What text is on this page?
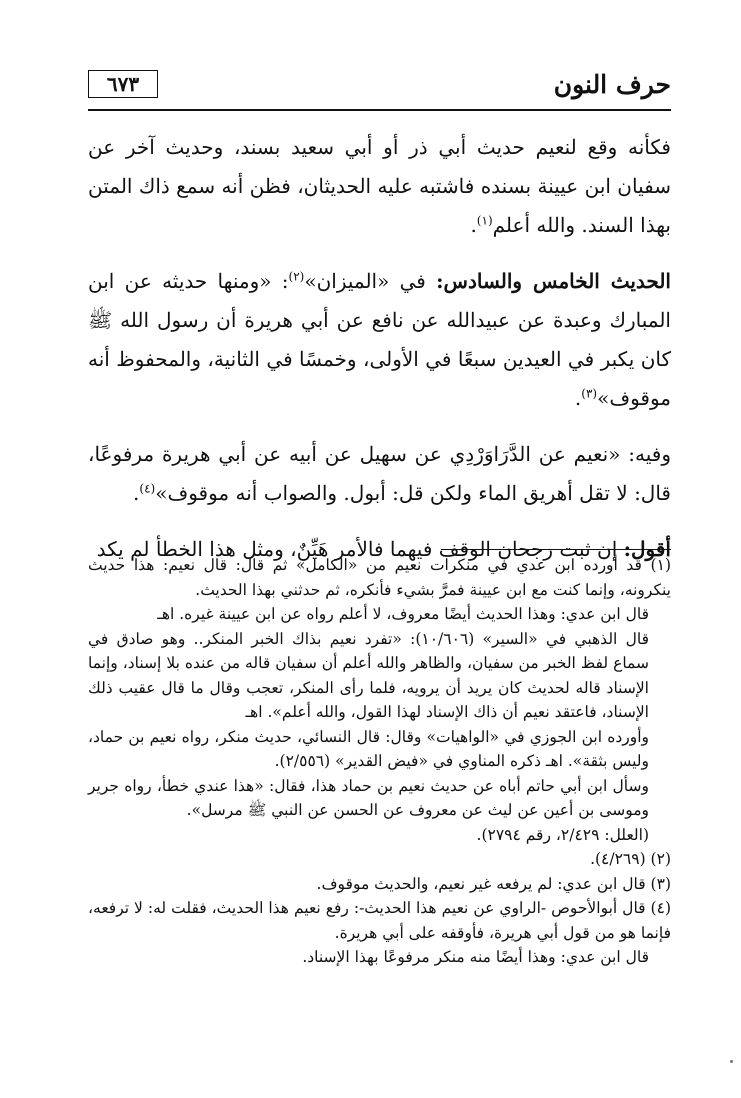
٦٧٣	حرف النون

فكأنه وقع لنعيم حديث أبي ذر أو أبي سعيد بسند، وحديث آخر عن سفيان ابن عيينة بسنده فاشتبه عليه الحديثان، فظن أنه سمع ذاك المتن بهذا السند. والله أعلم$^{(١)}$.

الحديث الخامس والسادس: في «الميزان»$^{(٢)}$: «ومنها حديثه عن ابن المبارك وعبدة عن عبيدالله عن نافع عن أبي هريرة أن رسول الله ﷺ كان يكبر في العيدين سبعًا في الأولى، وخمسًا في الثانية، والمحفوظ أنه موقوف»$^{(٣)}$.

وفيه: «نعيم عن الدَّرَاوَرْدِي عن سهيل عن أبيه عن أبي هريرة مرفوعًا، قال: لا تقل أهريق الماء ولكن قل: أبول. والصواب أنه موقوف»$^{(٤)}$.

أقول: إن ثبت رجحان الوقف فيهما فالأمر هَيِّنٌ، ومثل هذا الخطأ لم يكد

(١) قد أورده ابن عدي في منكرات نعيم من «الكامل» ثم قال: قال نعيم: هذا حديث ينكرونه، وإنما كنت مع ابن عيينة فمرَّ بشيء فأنكره، ثم حدثني بهذا الحديث.

قال ابن عدي: وهذا الحديث أيضًا معروف، لا أعلم رواه عن ابن عيينة غيره. اهـ

قال الذهبي في «السير» (١٠/٦٠٦): «تفرد نعيم بذاك الخبر المنكر.. وهو صادق في سماع لفظ الخبر من سفيان، والظاهر والله أعلم أن سفيان قاله من عنده بلا إسناد، وإنما الإسناد قاله لحديث كان يريد أن يرويه، فلما رأى المنكر، تعجب وقال ما قال عقيب ذلك الإسناد، فاعتقد نعيم أن ذاك الإسناد لهذا القول، والله أعلم». اهـ

وأورده ابن الجوزي في «الواهيات» وقال: قال النسائي، حديث منكر، رواه نعيم بن حماد، وليس بثقة». اهـ ذكره المناوي في «فيض القدير» (٢/٥٥٦).

وسأل ابن أبي حاتم أباه عن حديث نعيم بن حماد هذا، فقال: «هذا عندي خطأ، رواه جرير وموسى بن أعين عن ليث عن معروف عن الحسن عن النبي ﷺ مرسل».

(العلل: ٢/٤٢٩، رقم ٢٧٩٤).

(٢) (٤/٢٦٩).

(٣) قال ابن عدي: لم يرفعه غير نعيم، والحديث موقوف.

(٤) قال أبوالأحوص -الراوي عن نعيم هذا الحديث-: رفع نعيم هذا الحديث، فقلت له: لا ترفعه، فإنما هو من قول أبي هريرة، فأوقفه على أبي هريرة.

قال ابن عدي: وهذا أيضًا منه منكر مرفوعًا بهذا الإسناد.
